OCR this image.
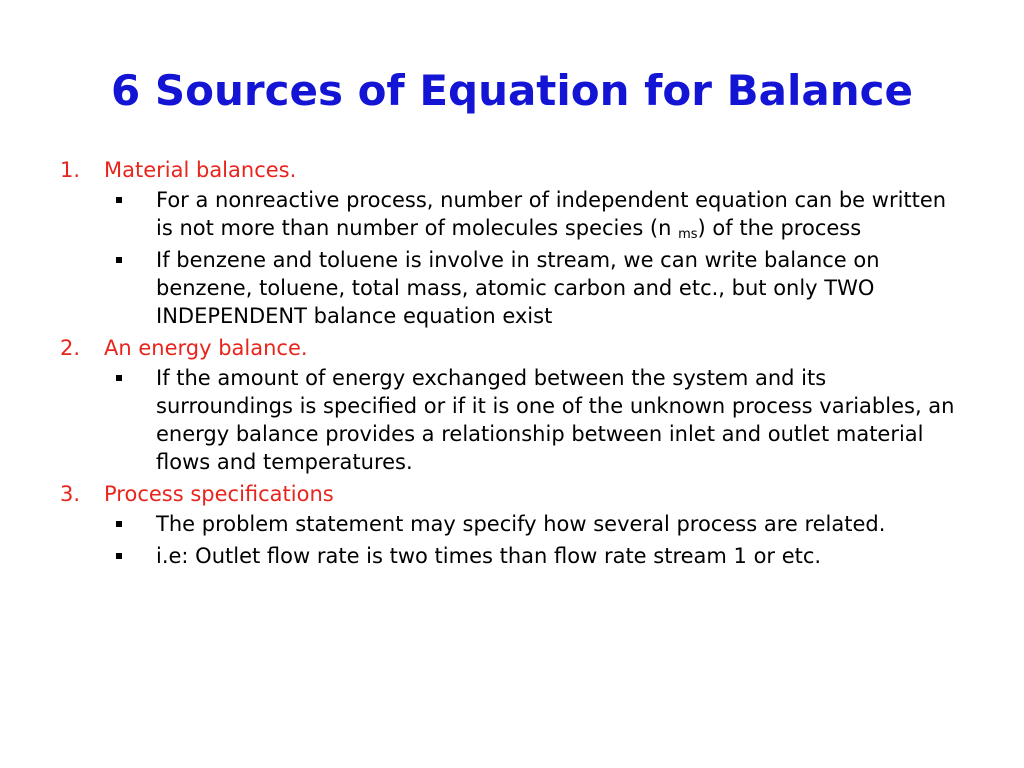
6 Sources of Equation for Balance
1.	Material balances.
For a nonreactive process, number of independent equation can be written is not more than number of molecules species (n $_{ms}$) of the process
If benzene and toluene is involve in stream, we can write balance on benzene, toluene, total mass, atomic carbon and etc., but only TWO INDEPENDENT balance equation exist
2.	An energy balance.
If the amount of energy exchanged between the system and its surroundings is specified or if it is one of the unknown process variables, an energy balance provides a relationship between inlet and outlet material flows and temperatures.
3.	Process specifications
The problem statement may specify how several process are related.
i.e: Outlet flow rate is two times than flow rate stream 1 or etc.
